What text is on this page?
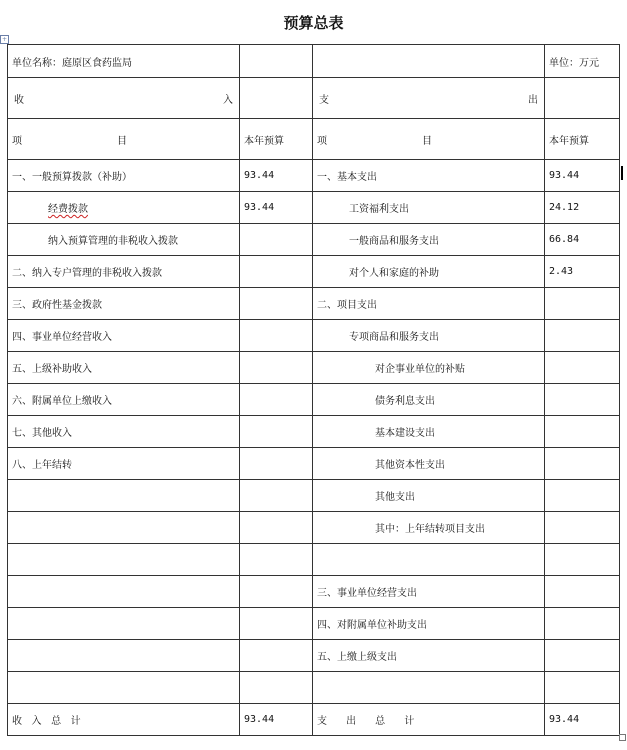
预算总表
+
单位名称：庭原区食药监局			单位：万元

收 入		支 出	

项 目	本年预算	项 目	本年预算
一、一般预算拨款（补助）	93.44	一、基本支出	93.44
经费拨款	93.44	工资福利支出	24.12
纳入预算管理的非税收入拨款		一般商品和服务支出	66.84
二、纳入专户管理的非税收入拨款		对个人和家庭的补助	2.43
三、政府性基金拨款		二、项目支出	
四、事业单位经营收入		专项商品和服务支出	
五、上级补助收入		对企事业单位的补贴	
六、附属单位上缴收入		债务利息支出	
七、其他收入		基本建设支出	
八、上年结转		其他资本性支出	
		其他支出	
		其中：上年结转项目支出	

		三、事业单位经营支出	
		四、对附属单位补助支出	
		五、上缴上级支出	

收 入 总 计	93.44	支 出 总 计	93.44
